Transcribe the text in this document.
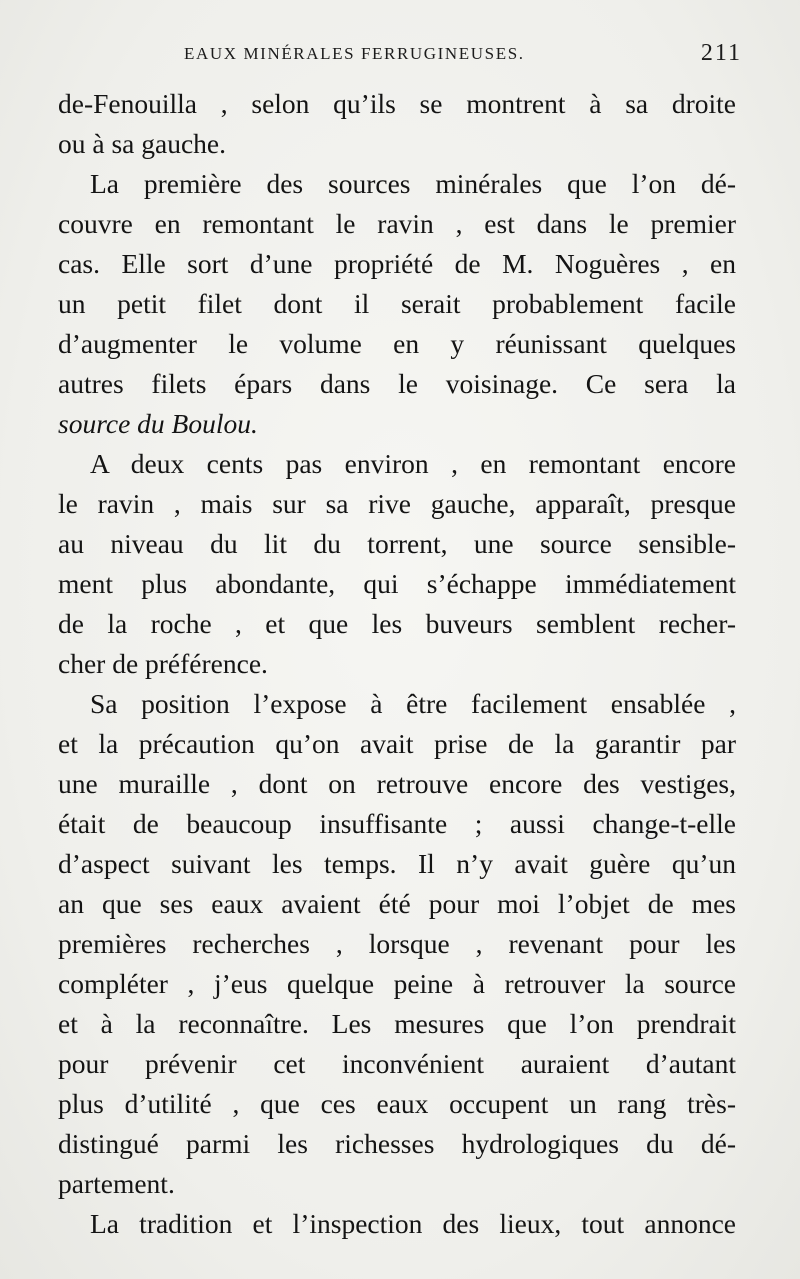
EAUX MINÉRALES FERRUGINEUSES.	211

de-Fenouilla , selon qu’ils se montrent à sa droite
ou à sa gauche.

La première des sources minérales que l’on dé-
couvre en remontant le ravin , est dans le premier
cas. Elle sort d’une propriété de M. Noguères , en
un petit filet dont il serait probablement facile
d’augmenter le volume en y réunissant quelques
autres filets épars dans le voisinage. Ce sera la
source du Boulou.

A deux cents pas environ , en remontant encore
le ravin , mais sur sa rive gauche, apparaît, presque
au niveau du lit du torrent, une source sensible-
ment plus abondante, qui s’échappe immédiatement
de la roche , et que les buveurs semblent recher-
cher de préférence.

Sa position l’expose à être facilement ensablée ,
et la précaution qu’on avait prise de la garantir par
une muraille , dont on retrouve encore des vestiges,
était de beaucoup insuffisante ; aussi change-t-elle
d’aspect suivant les temps. Il n’y avait guère qu’un
an que ses eaux avaient été pour moi l’objet de mes
premières recherches , lorsque , revenant pour les
compléter , j’eus quelque peine à retrouver la source
et à la reconnaître. Les mesures que l’on prendrait
pour prévenir cet inconvénient auraient d’autant
plus d’utilité , que ces eaux occupent un rang très-
distingué parmi les richesses hydrologiques du dé-
partement.

La tradition et l’inspection des lieux, tout annonce
